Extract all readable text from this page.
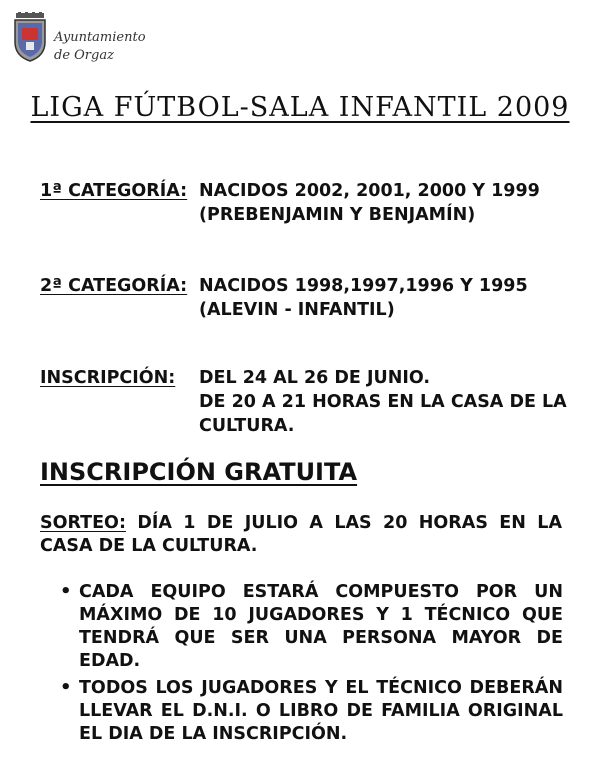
Ayuntamiento
de Orgaz
LIGA FÚTBOL-SALA INFANTIL 2009
1ª CATEGORÍA: NACIDOS 2002, 2001, 2000 Y 1999
(PREBENJAMIN Y BENJAMÍN)
2ª CATEGORÍA: NACIDOS 1998,1997,1996 Y 1995
(ALEVIN - INFANTIL)
INSCRIPCIÓN: DEL 24 AL 26 DE JUNIO.
DE 20 A 21 HORAS EN LA CASA DE LA
CULTURA.
INSCRIPCIÓN GRATUITA
SORTEO: DÍA 1 DE JULIO A LAS 20 HORAS EN LA CASA DE LA CULTURA.
• CADA EQUIPO ESTARÁ COMPUESTO POR UN MÁXIMO DE 10 JUGADORES Y 1 TÉCNICO QUE TENDRÁ QUE SER UNA PERSONA MAYOR DE EDAD.
• TODOS LOS JUGADORES Y EL TÉCNICO DEBERÁN LLEVAR EL D.N.I. O LIBRO DE FAMILIA ORIGINAL EL DIA DE LA INSCRIPCIÓN.
